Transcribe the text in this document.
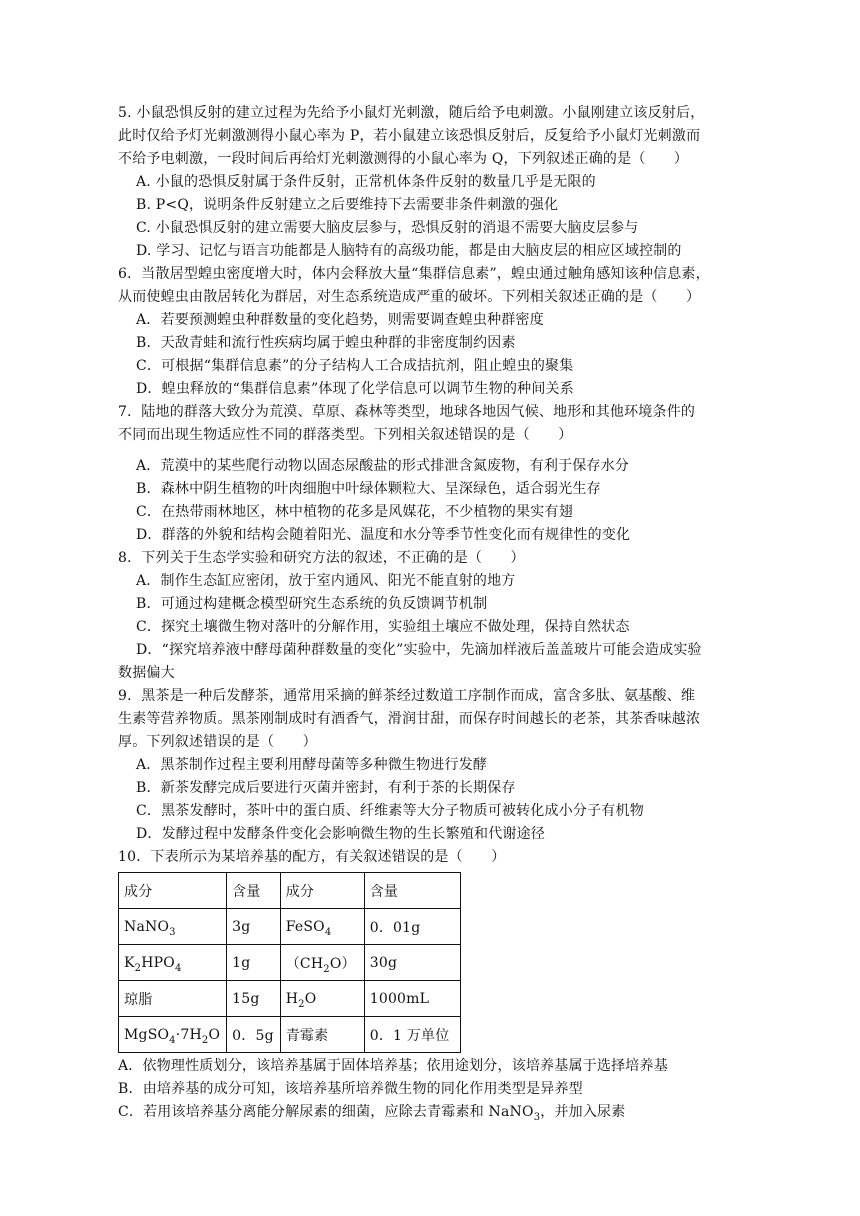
5. 小鼠恐惧反射的建立过程为先给予小鼠灯光刺激，随后给予电刺激。小鼠刚建立该反射后，
此时仅给予灯光刺激测得小鼠心率为 P，若小鼠建立该恐惧反射后，反复给予小鼠灯光刺激而
不给予电刺激，一段时间后再给灯光刺激测得的小鼠心率为 Q，下列叙述正确的是（　　）
A. 小鼠的恐惧反射属于条件反射，正常机体条件反射的数量几乎是无限的
B. P<Q，说明条件反射建立之后要维持下去需要非条件刺激的强化
C. 小鼠恐惧反射的建立需要大脑皮层参与，恐惧反射的消退不需要大脑皮层参与
D. 学习、记忆与语言功能都是人脑特有的高级功能，都是由大脑皮层的相应区域控制的
6．当散居型蝗虫密度增大时，体内会释放大量“集群信息素”，蝗虫通过触角感知该种信息素，
从而使蝗虫由散居转化为群居，对生态系统造成严重的破坏。下列相关叙述正确的是（　　）
A．若要预测蝗虫种群数量的变化趋势，则需要调查蝗虫种群密度
B．天敌青蛙和流行性疾病均属于蝗虫种群的非密度制约因素
C．可根据“集群信息素”的分子结构人工合成拮抗剂，阻止蝗虫的聚集
D．蝗虫释放的“集群信息素”体现了化学信息可以调节生物的种间关系
7．陆地的群落大致分为荒漠、草原、森林等类型，地球各地因气候、地形和其他环境条件的
不同而出现生物适应性不同的群落类型。下列相关叙述错误的是（　　）
A．荒漠中的某些爬行动物以固态尿酸盐的形式排泄含氮废物，有利于保存水分
B．森林中阴生植物的叶肉细胞中叶绿体颗粒大、呈深绿色，适合弱光生存
C．在热带雨林地区，林中植物的花多是风媒花，不少植物的果实有翅
D．群落的外貌和结构会随着阳光、温度和水分等季节性变化而有规律性的变化
8．下列关于生态学实验和研究方法的叙述，不正确的是（　　）
A．制作生态缸应密闭，放于室内通风、阳光不能直射的地方
B．可通过构建概念模型研究生态系统的负反馈调节机制
C．探究土壤微生物对落叶的分解作用，实验组土壤应不做处理，保持自然状态
D．“探究培养液中酵母菌种群数量的变化”实验中，先滴加样液后盖盖玻片可能会造成实验
数据偏大
9．黑茶是一种后发酵茶，通常用采摘的鲜茶经过数道工序制作而成，富含多肽、氨基酸、维
生素等营养物质。黑茶刚制成时有酒香气，滑润甘甜，而保存时间越长的老茶，其茶香味越浓
厚。下列叙述错误的是（　　）
A．黑茶制作过程主要利用酵母菌等多种微生物进行发酵
B．新茶发酵完成后要进行灭菌并密封，有利于茶的长期保存
C．黑茶发酵时，茶叶中的蛋白质、纤维素等大分子物质可被转化成小分子有机物
D．发酵过程中发酵条件变化会影响微生物的生长繁殖和代谢途径
10．下表所示为某培养基的配方，有关叙述错误的是（　　）
成分	含量	成分	含量
NaNO$_3$	3g	FeSO$_4$	0．01g
$K_2HPO_4$	1g	$(CH_2O)$	30g
琼脂	15g	$H_2O$	1000mL
$MgSO_4\cdot 7H_2O$	0．5g	青霉素	0．1 万单位
A．依物理性质划分，该培养基属于固体培养基；依用途划分，该培养基属于选择培养基
B．由培养基的成分可知，该培养基所培养微生物的同化作用类型是异养型
C．若用该培养基分离能分解尿素的细菌，应除去青霉素和 NaNO$_3$，并加入尿素
